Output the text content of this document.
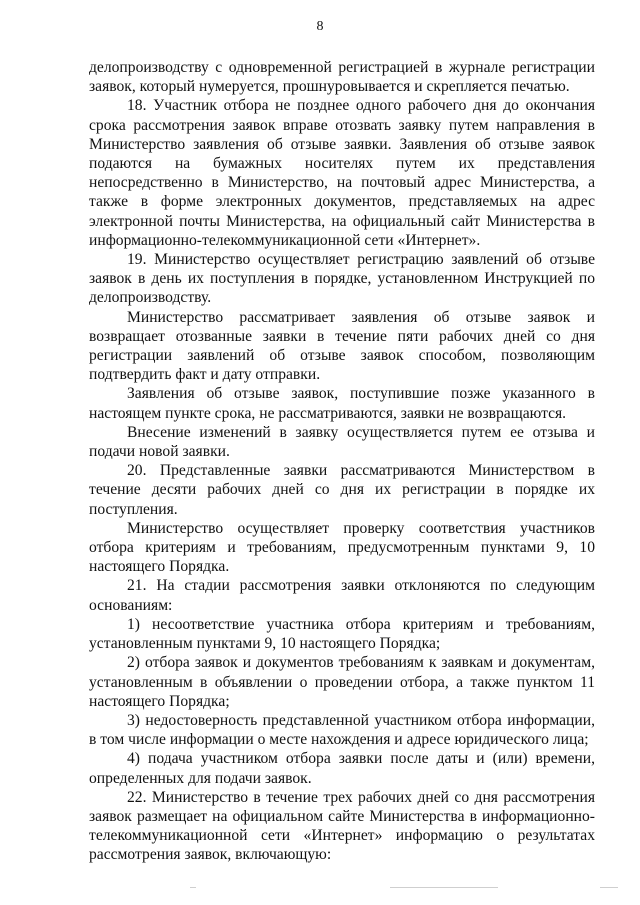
8

делопроизводству с одновременной регистрацией в журнале регистрации заявок, который нумеруется, прошнуровывается и скрепляется печатью.

18. Участник отбора не позднее одного рабочего дня до окончания срока рассмотрения заявок вправе отозвать заявку путем направления в Министерство заявления об отзыве заявки. Заявления об отзыве заявок подаются на бумажных носителях путем их представления непосредственно в Министерство, на почтовый адрес Министерства, а также в форме электронных документов, представляемых на адрес электронной почты Министерства, на официальный сайт Министерства в информационно-телекоммуникационной сети «Интернет».

19. Министерство осуществляет регистрацию заявлений об отзыве заявок в день их поступления в порядке, установленном Инструкцией по делопроизводству.

Министерство рассматривает заявления об отзыве заявок и возвращает отозванные заявки в течение пяти рабочих дней со дня регистрации заявлений об отзыве заявок способом, позволяющим подтвердить факт и дату отправки.

Заявления об отзыве заявок, поступившие позже указанного в настоящем пункте срока, не рассматриваются, заявки не возвращаются.

Внесение изменений в заявку осуществляется путем ее отзыва и подачи новой заявки.

20. Представленные заявки рассматриваются Министерством в течение десяти рабочих дней со дня их регистрации в порядке их поступления.

Министерство осуществляет проверку соответствия участников отбора критериям и требованиям, предусмотренным пунктами 9, 10 настоящего Порядка.

21. На стадии рассмотрения заявки отклоняются по следующим основаниям:

1) несоответствие участника отбора критериям и требованиям, установленным пунктами 9, 10 настоящего Порядка;

2) отбора заявок и документов требованиям к заявкам и документам, установленным в объявлении о проведении отбора, а также пунктом 11 настоящего Порядка;

3) недостоверность представленной участником отбора информации, в том числе информации о месте нахождения и адресе юридического лица;

4) подача участником отбора заявки после даты и (или) времени, определенных для подачи заявок.

22. Министерство в течение трех рабочих дней со дня рассмотрения заявок размещает на официальном сайте Министерства в информационно-телекоммуникационной сети «Интернет» информацию о результатах рассмотрения заявок, включающую:
